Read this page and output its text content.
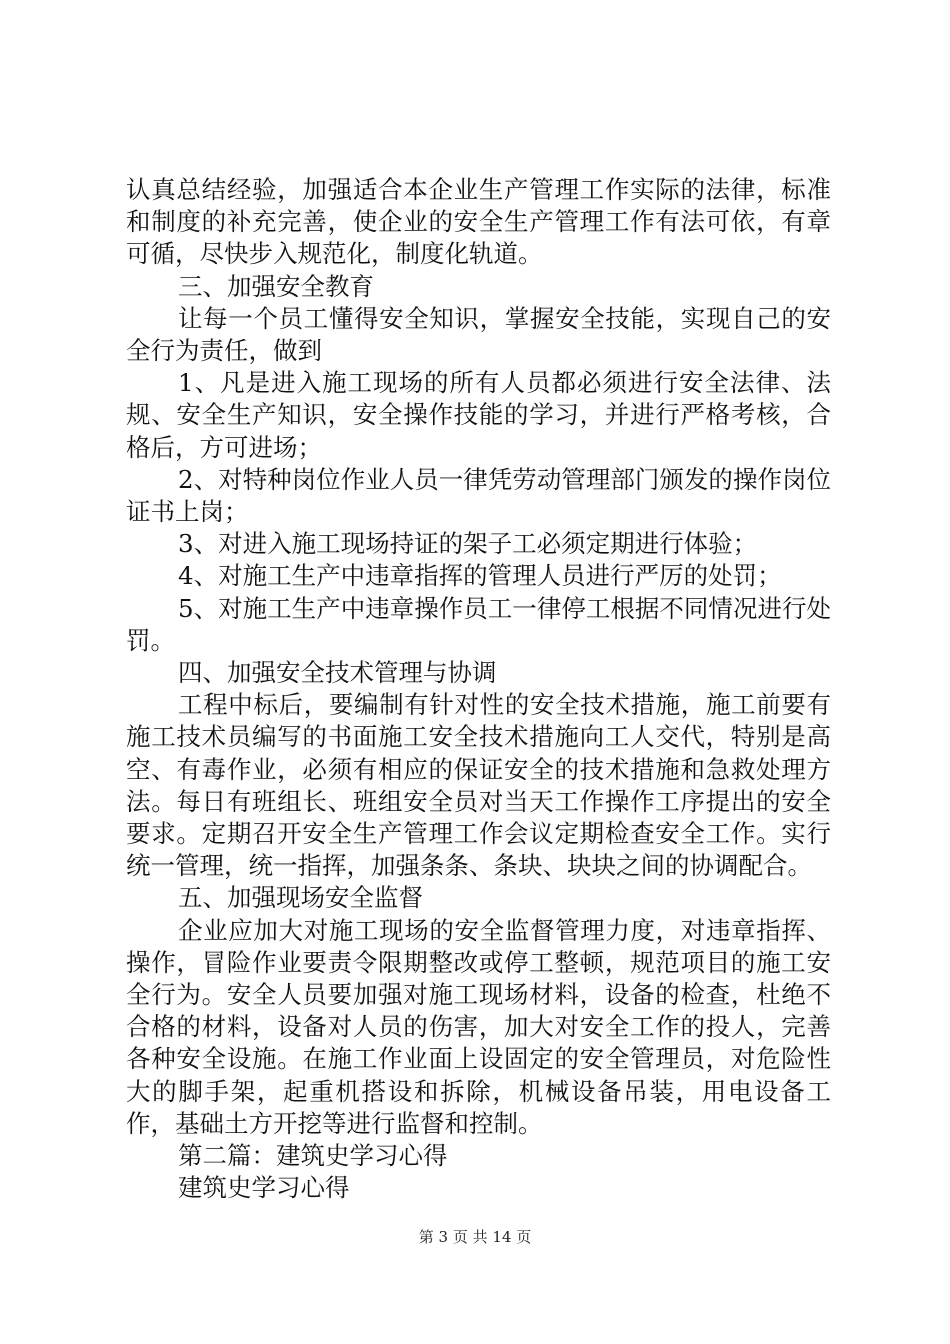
认真总结经验，加强适合本企业生产管理工作实际的法律，标准和制度的补充完善，使企业的安全生产管理工作有法可依，有章可循，尽快步入规范化，制度化轨道。

三、加强安全教育

让每一个员工懂得安全知识，掌握安全技能，实现自己的安全行为责任，做到

1、凡是进入施工现场的所有人员都必须进行安全法律、法规、安全生产知识，安全操作技能的学习，并进行严格考核，合格后，方可进场；

2、对特种岗位作业人员一律凭劳动管理部门颁发的操作岗位证书上岗；

3、对进入施工现场持证的架子工必须定期进行体验；

4、对施工生产中违章指挥的管理人员进行严厉的处罚；

5、对施工生产中违章操作员工一律停工根据不同情况进行处罚。

四、加强安全技术管理与协调

工程中标后，要编制有针对性的安全技术措施，施工前要有施工技术员编写的书面施工安全技术措施向工人交代，特别是高空、有毒作业，必须有相应的保证安全的技术措施和急救处理方法。每日有班组长、班组安全员对当天工作操作工序提出的安全要求。定期召开安全生产管理工作会议定期检查安全工作。实行统一管理，统一指挥，加强条条、条块、块块之间的协调配合。

五、加强现场安全监督

企业应加大对施工现场的安全监督管理力度，对违章指挥、操作，冒险作业要责令限期整改或停工整顿，规范项目的施工安全行为。安全人员要加强对施工现场材料，设备的检查，杜绝不合格的材料，设备对人员的伤害，加大对安全工作的投人，完善各种安全设施。在施工作业面上设固定的安全管理员，对危险性大的脚手架，起重机搭设和拆除，机械设备吊装，用电设备工作，基础土方开挖等进行监督和控制。

第二篇：建筑史学习心得

建筑史学习心得

第 3 页 共 14 页
